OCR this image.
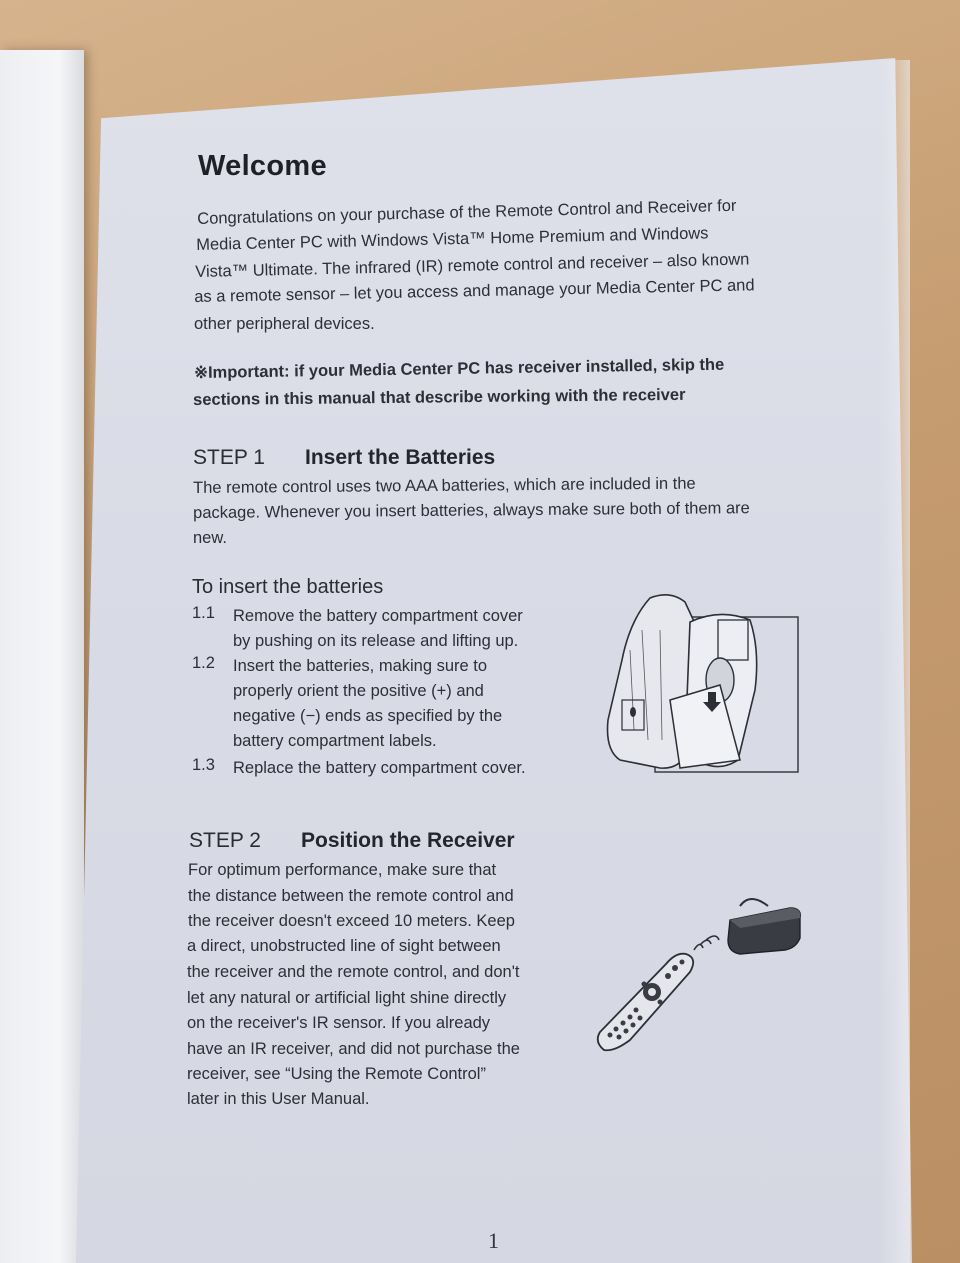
Welcome
Congratulations on your purchase of the Remote Control and Receiver for
Media Center PC with Windows Vista™ Home Premium and Windows
Vista™ Ultimate. The infrared (IR) remote control and receiver – also known
as a remote sensor – let you access and manage your Media Center PC and
other peripheral devices.
※Important: if your Media Center PC has receiver installed, skip the
sections in this manual that describe working with the receiver
STEP 1 Insert the Batteries
The remote control uses two AAA batteries, which are included in the
package. Whenever you insert batteries, always make sure both of them are
new.
To insert the batteries
1.1 Remove the battery compartment cover
by pushing on its release and lifting up.
1.2 Insert the batteries, making sure to
properly orient the positive (+) and
negative (−) ends as specified by the
battery compartment labels.
1.3 Replace the battery compartment cover.
STEP 2 Position the Receiver
For optimum performance, make sure that
the distance between the remote control and
the receiver doesn't exceed 10 meters. Keep
a direct, unobstructed line of sight between
the receiver and the remote control, and don't
let any natural or artificial light shine directly
on the receiver's IR sensor. If you already
have an IR receiver, and did not purchase the
receiver, see “Using the Remote Control”
later in this User Manual.
1
